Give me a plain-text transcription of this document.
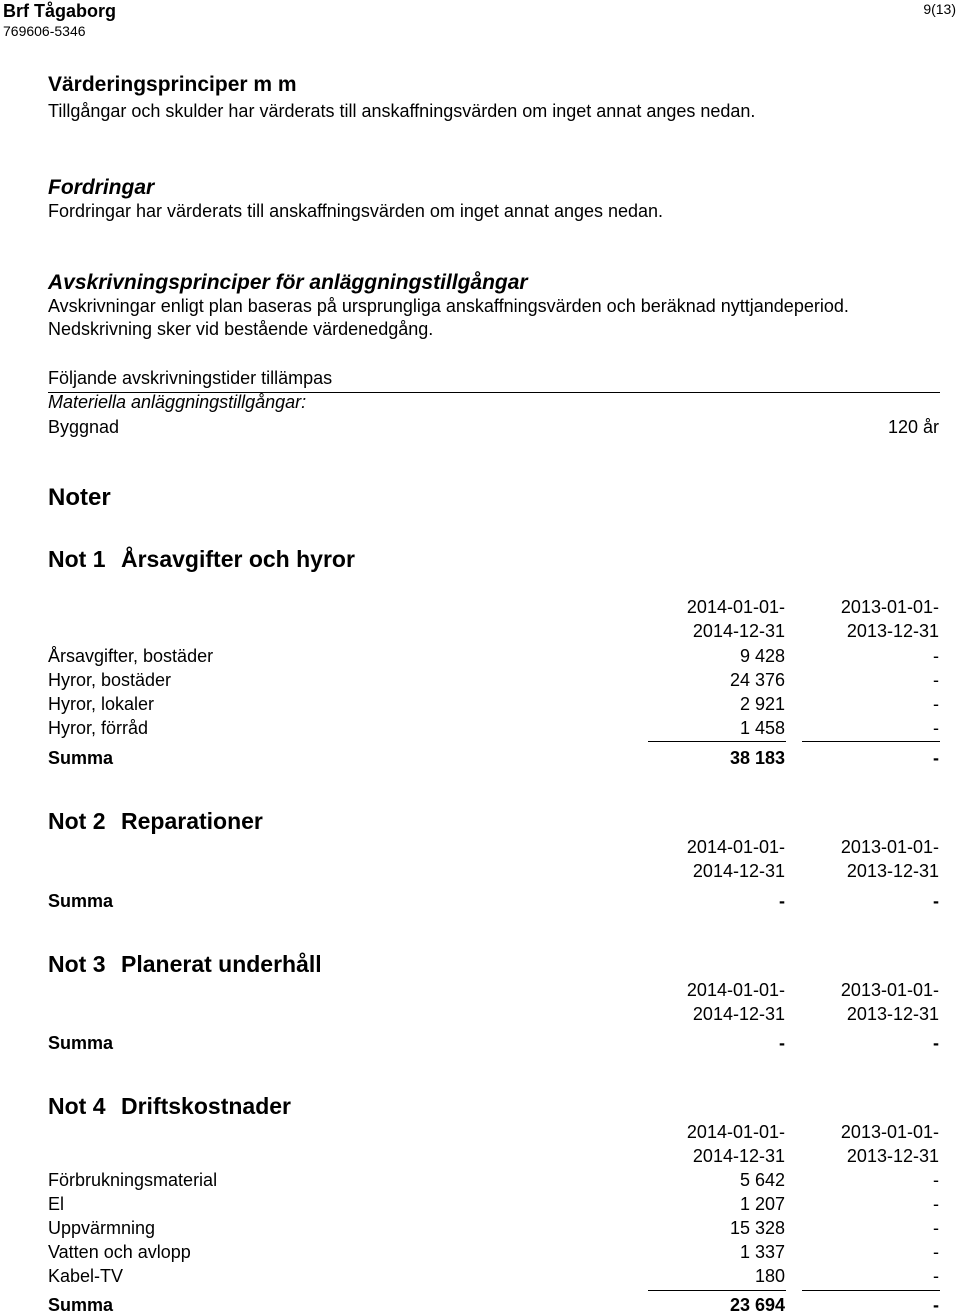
Brf Tågaborg
769606-5346
9(13)
Värderingsprinciper m m
Tillgångar och skulder har värderats till anskaffningsvärden om inget annat anges nedan.
Fordringar
Fordringar har värderats till anskaffningsvärden om inget annat anges nedan.
Avskrivningsprinciper för anläggningstillgångar
Avskrivningar enligt plan baseras på ursprungliga anskaffningsvärden och beräknad nyttjandeperiod.
Nedskrivning sker vid bestående värdenedgång.
Följande avskrivningstider tillämpas
Materiella anläggningstillgångar:
Byggnad	120 år
Noter
Not 1 Årsavgifter och hyror
2014-01-01-	2013-01-01-
2014-12-31	2013-12-31
Årsavgifter, bostäder	9 428	-
Hyror, bostäder	24 376	-
Hyror, lokaler	2 921	-
Hyror, förråd	1 458	-
Summa	38 183	-
Not 2 Reparationer
2014-01-01-	2013-01-01-
2014-12-31	2013-12-31
Summa	-	-
Not 3 Planerat underhåll
2014-01-01-	2013-01-01-
2014-12-31	2013-12-31
Summa	-	-
Not 4 Driftskostnader
2014-01-01-	2013-01-01-
2014-12-31	2013-12-31
Förbrukningsmaterial	5 642	-
El	1 207	-
Uppvärmning	15 328	-
Vatten och avlopp	1 337	-
Kabel-TV	180	-
Summa	23 694	-
